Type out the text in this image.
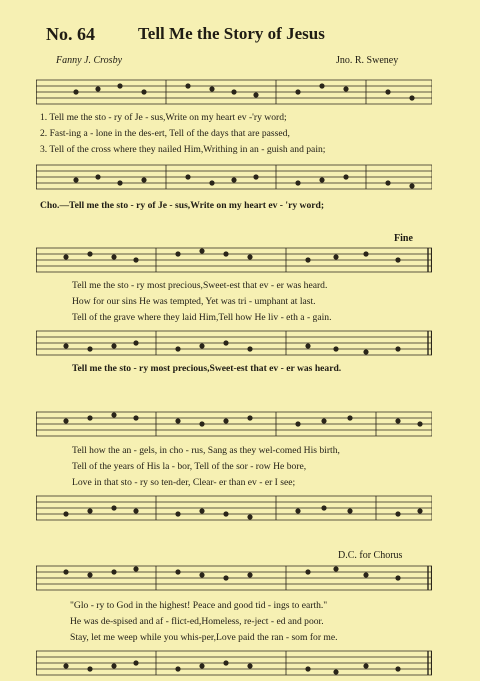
No. 64	Tell Me the Story of Jesus
Fanny J. Crosby	Jno. R. Sweney
1. Tell me the sto - ry of Je - sus,Write on my heart ev -'ry word;
2. Fast-ing a - lone in the des-ert, Tell of the days that are passed,
3. Tell of the cross where they nailed Him,Writhing in an - guish and pain;
Cho.—Tell me the sto - ry of Je - sus,Write on my heart ev - 'ry word;
Fine
Tell me the sto - ry most precious,Sweet-est that ev - er was heard.
How for our sins He was tempted, Yet was tri - umphant at last.
Tell of the grave where they laid Him,Tell how He liv - eth a - gain.
Tell me the sto - ry most precious,Sweet-est that ev - er was heard.
Tell how the an - gels, in cho - rus, Sang as they wel-comed His birth,
Tell of the years of His la - bor, Tell of the sor - row He bore,
Love in that sto - ry so ten-der, Clear- er than ev - er I see;
D.C. for Chorus
"Glo - ry to God in the highest! Peace and good tid - ings to earth."
He was de-spised and af - flict-ed,Homeless, re-ject - ed and poor.
Stay, let me weep while you whis-per,Love paid the ran - som for me.
